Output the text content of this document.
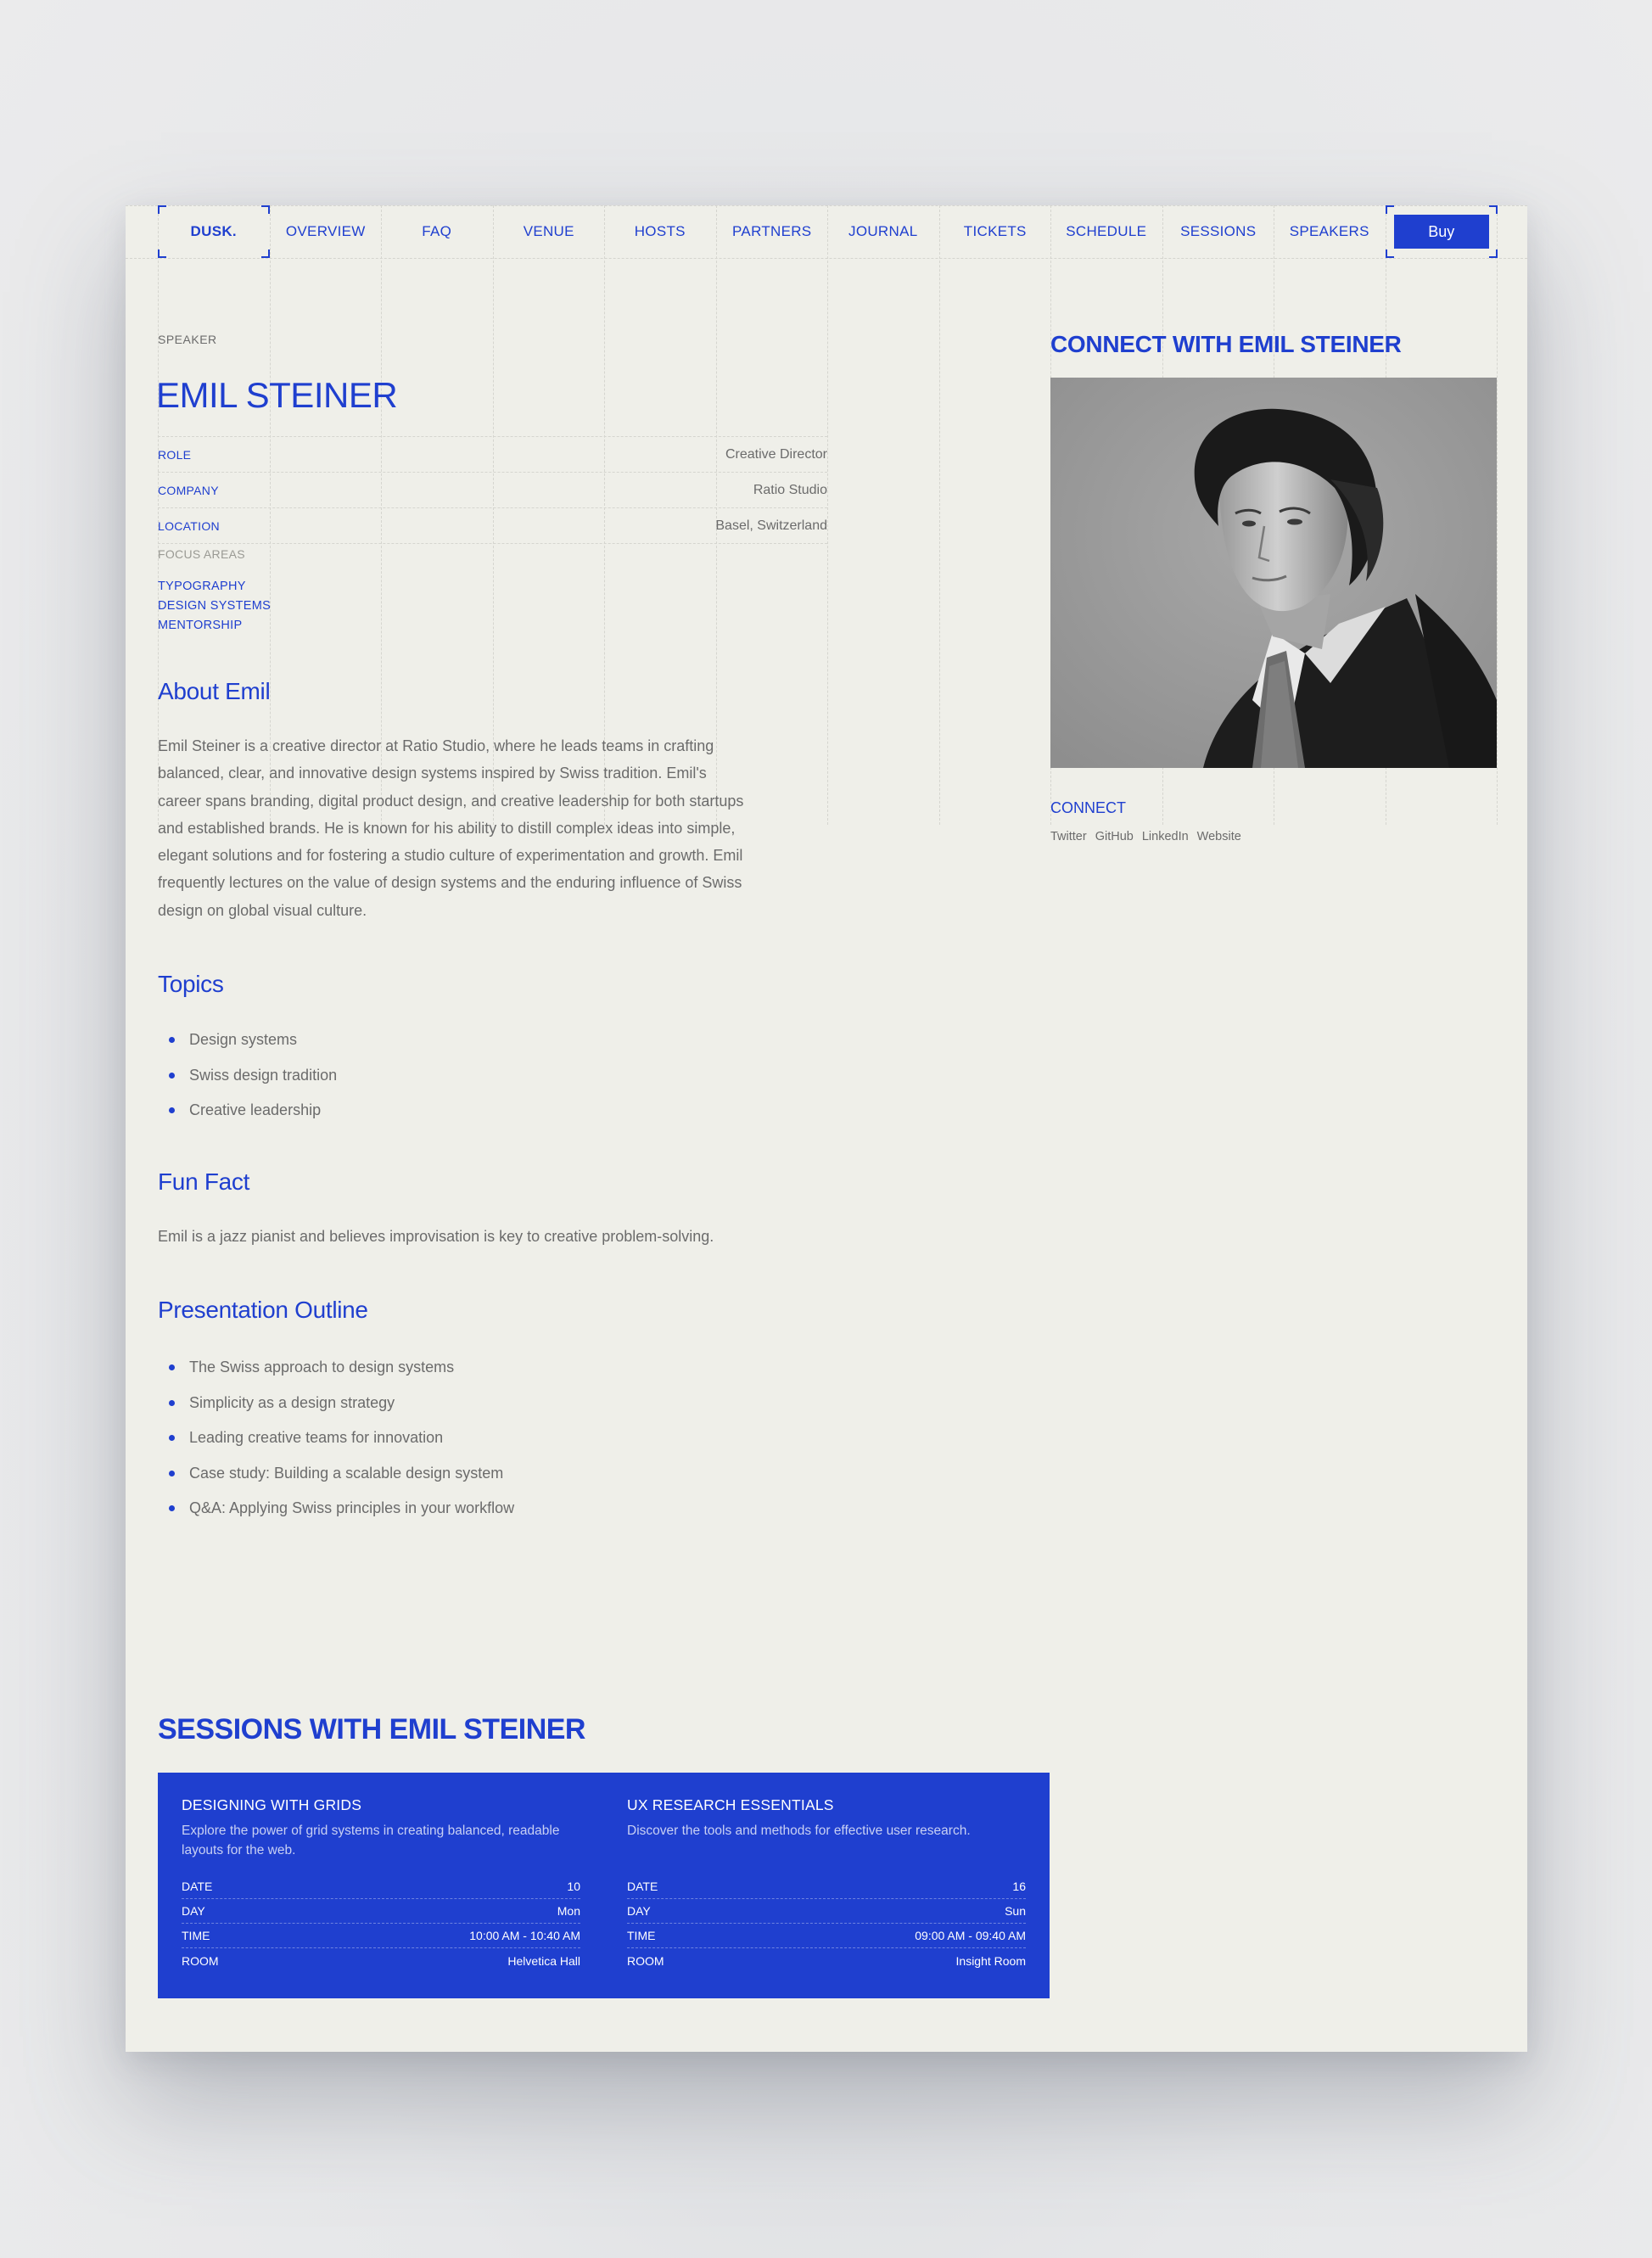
DUSK.	OVERVIEW	FAQ	VENUE	HOSTS	PARTNERS	JOURNAL	TICKETS	SCHEDULE	SESSIONS	SPEAKERS	Buy
SPEAKER
EMIL STEINER
ROLE	Creative Director
COMPANY	Ratio Studio
LOCATION	Basel, Switzerland
FOCUS AREAS
TYPOGRAPHY
DESIGN SYSTEMS
MENTORSHIP
About Emil

Emil Steiner is a creative director at Ratio Studio, where he leads teams in crafting balanced, clear, and innovative design systems inspired by Swiss tradition. Emil's career spans branding, digital product design, and creative leadership for both startups and established brands. He is known for his ability to distill complex ideas into simple, elegant solutions and for fostering a studio culture of experimentation and growth. Emil frequently lectures on the value of design systems and the enduring influence of Swiss design on global visual culture.

Topics
Design systems
Swiss design tradition
Creative leadership
Fun Fact

Emil is a jazz pianist and believes improvisation is key to creative problem-solving.

Presentation Outline
The Swiss approach to design systems
Simplicity as a design strategy
Leading creative teams for innovation
Case study: Building a scalable design system
Q&A: Applying Swiss principles in your workflow
CONNECT WITH EMIL STEINER
CONNECT
Twitter GitHub LinkedIn Website
SESSIONS WITH EMIL STEINER
DESIGNING WITH GRIDS
Explore the power of grid systems in creating balanced, readable layouts for the web.
DATE	10
DAY	Mon
TIME	10:00 AM - 10:40 AM
ROOM	Helvetica Hall
UX RESEARCH ESSENTIALS
Discover the tools and methods for effective user research.
DATE	16
DAY	Sun
TIME	09:00 AM - 09:40 AM
ROOM	Insight Room
